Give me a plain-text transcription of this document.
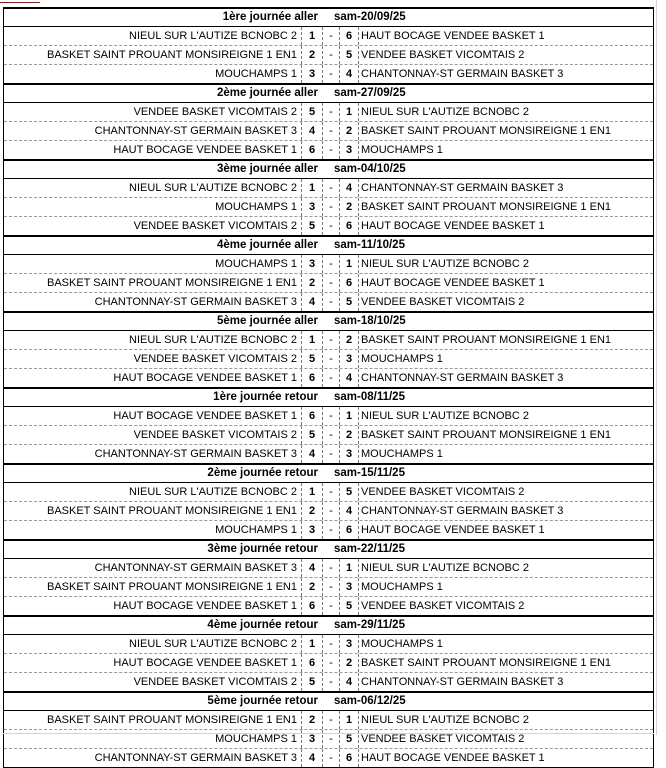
1ère journée aller	sam-20/09/25
NIEUL SUR L'AUTIZE BCNOBC 2	1	-	6 HAUT BOCAGE VENDEE BASKET 1
BASKET SAINT PROUANT MONSIREIGNE 1 EN1	2	-	5 VENDEE BASKET VICOMTAIS 2
MOUCHAMPS 1	3	-	4 CHANTONNAY-ST GERMAIN BASKET 3
2ème journée aller	sam-27/09/25
VENDEE BASKET VICOMTAIS 2	5	-	1 NIEUL SUR L'AUTIZE BCNOBC 2
CHANTONNAY-ST GERMAIN BASKET 3	4	-	2 BASKET SAINT PROUANT MONSIREIGNE 1 EN1
HAUT BOCAGE VENDEE BASKET 1	6	-	3 MOUCHAMPS 1
3ème journée aller	sam-04/10/25
NIEUL SUR L'AUTIZE BCNOBC 2	1	-	4 CHANTONNAY-ST GERMAIN BASKET 3
MOUCHAMPS 1	3	-	2 BASKET SAINT PROUANT MONSIREIGNE 1 EN1
VENDEE BASKET VICOMTAIS 2	5	-	6 HAUT BOCAGE VENDEE BASKET 1
4ème journée aller	sam-11/10/25
MOUCHAMPS 1	3	-	1 NIEUL SUR L'AUTIZE BCNOBC 2
BASKET SAINT PROUANT MONSIREIGNE 1 EN1	2	-	6 HAUT BOCAGE VENDEE BASKET 1
CHANTONNAY-ST GERMAIN BASKET 3	4	-	5 VENDEE BASKET VICOMTAIS 2
5ème journée aller	sam-18/10/25
NIEUL SUR L'AUTIZE BCNOBC 2	1	-	2 BASKET SAINT PROUANT MONSIREIGNE 1 EN1
VENDEE BASKET VICOMTAIS 2	5	-	3 MOUCHAMPS 1
HAUT BOCAGE VENDEE BASKET 1	6	-	4 CHANTONNAY-ST GERMAIN BASKET 3
1ère journée retour	sam-08/11/25
HAUT BOCAGE VENDEE BASKET 1	6	-	1 NIEUL SUR L'AUTIZE BCNOBC 2
VENDEE BASKET VICOMTAIS 2	5	-	2 BASKET SAINT PROUANT MONSIREIGNE 1 EN1
CHANTONNAY-ST GERMAIN BASKET 3	4	-	3 MOUCHAMPS 1
2ème journée retour	sam-15/11/25
NIEUL SUR L'AUTIZE BCNOBC 2	1	-	5 VENDEE BASKET VICOMTAIS 2
BASKET SAINT PROUANT MONSIREIGNE 1 EN1	2	-	4 CHANTONNAY-ST GERMAIN BASKET 3
MOUCHAMPS 1	3	-	6 HAUT BOCAGE VENDEE BASKET 1
3ème journée retour	sam-22/11/25
CHANTONNAY-ST GERMAIN BASKET 3	4	-	1 NIEUL SUR L'AUTIZE BCNOBC 2
BASKET SAINT PROUANT MONSIREIGNE 1 EN1	2	-	3 MOUCHAMPS 1
HAUT BOCAGE VENDEE BASKET 1	6	-	5 VENDEE BASKET VICOMTAIS 2
4ème journée retour	sam-29/11/25
NIEUL SUR L'AUTIZE BCNOBC 2	1	-	3 MOUCHAMPS 1
HAUT BOCAGE VENDEE BASKET 1	6	-	2 BASKET SAINT PROUANT MONSIREIGNE 1 EN1
VENDEE BASKET VICOMTAIS 2	5	-	4 CHANTONNAY-ST GERMAIN BASKET 3
5ème journée retour	sam-06/12/25
BASKET SAINT PROUANT MONSIREIGNE 1 EN1	2	-	1 NIEUL SUR L'AUTIZE BCNOBC 2
MOUCHAMPS 1	3	-	5 VENDEE BASKET VICOMTAIS 2
CHANTONNAY-ST GERMAIN BASKET 3	4	-	6 HAUT BOCAGE VENDEE BASKET 1
